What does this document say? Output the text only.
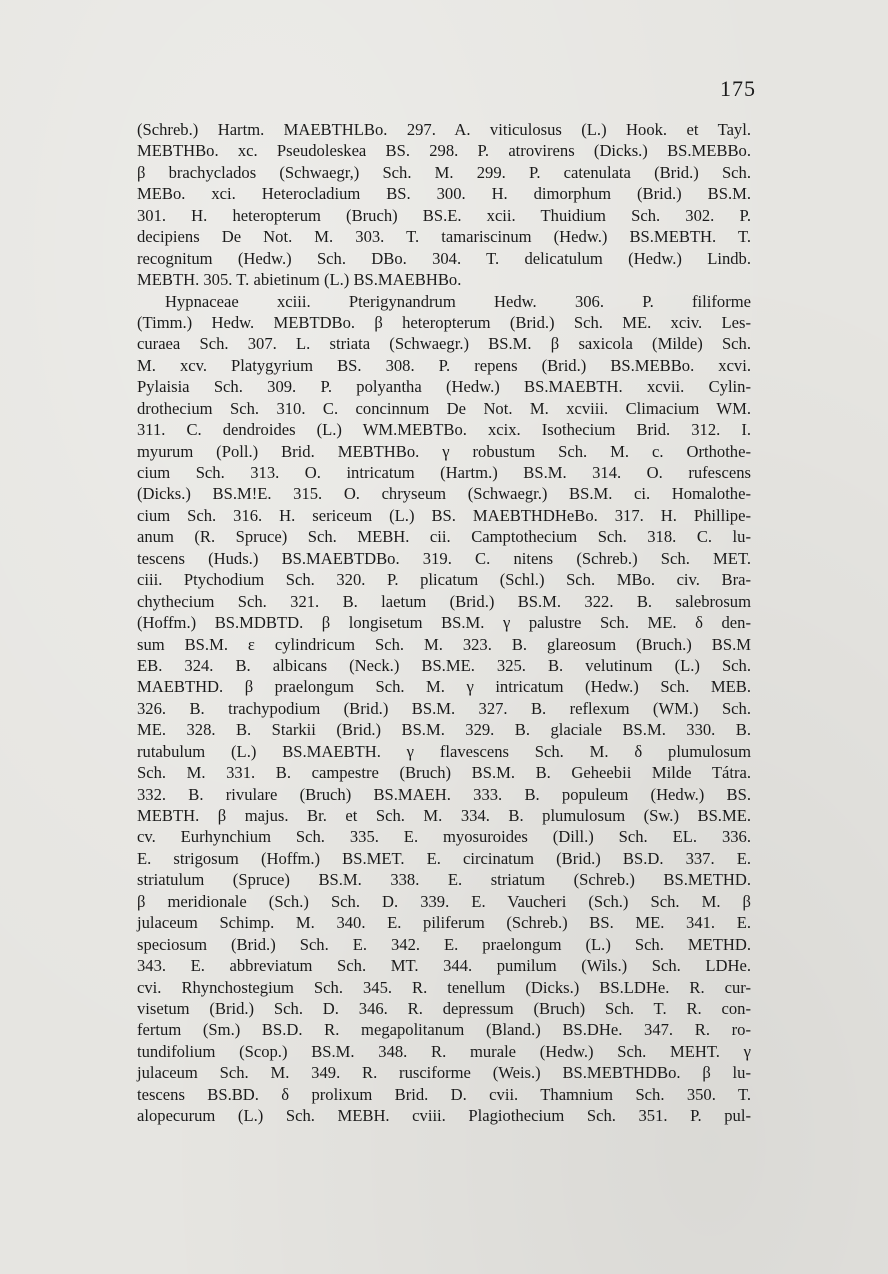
175
(Schreb.) Hartm. MAEBTHLBo. 297. A. viticulosus (L.) Hook. et Tayl.
MEBTHBo. xc. Pseudoleskea BS. 298. P. atrovirens (Dicks.) BS.MEBBo.
β brachyclados (Schwaegr,) Sch. M. 299. P. catenulata (Brid.) Sch.
MEBo. xci. Heterocladium BS. 300. H. dimorphum (Brid.) BS.M.
301. H. heteropterum (Bruch) BS.E. xcii. Thuidium Sch. 302. P.
decipiens De Not. M. 303. T. tamariscinum (Hedw.) BS.MEBTH. T.
recognitum (Hedw.) Sch. DBo. 304. T. delicatulum (Hedw.) Lindb.
MEBTH. 305. T. abietinum (L.) BS.MAEBHBo.
Hypnaceae xciii. Pterigynandrum Hedw. 306. P. filiforme
(Timm.) Hedw. MEBTDBo. β heteropterum (Brid.) Sch. ME. xciv. Les-
curaea Sch. 307. L. striata (Schwaegr.) BS.M. β saxicola (Milde) Sch.
M. xcv. Platygyrium BS. 308. P. repens (Brid.) BS.MEBBo. xcvi.
Pylaisia Sch. 309. P. polyantha (Hedw.) BS.MAEBTH. xcvii. Cylin-
drothecium Sch. 310. C. concinnum De Not. M. xcviii. Climacium WM.
311. C. dendroides (L.) WM.MEBTBo. xcix. Isothecium Brid. 312. I.
myurum (Poll.) Brid. MEBTHBo. γ robustum Sch. M. c. Orthothe-
cium Sch. 313. O. intricatum (Hartm.) BS.M. 314. O. rufescens
(Dicks.) BS.M!E. 315. O. chryseum (Schwaegr.) BS.M. ci. Homalothe-
cium Sch. 316. H. sericeum (L.) BS. MAEBTHDHeBo. 317. H. Phillipe-
anum (R. Spruce) Sch. MEBH. cii. Camptothecium Sch. 318. C. lu-
tescens (Huds.) BS.MAEBTDBo. 319. C. nitens (Schreb.) Sch. MET.
ciii. Ptychodium Sch. 320. P. plicatum (Schl.) Sch. MBo. civ. Bra-
chythecium Sch. 321. B. laetum (Brid.) BS.M. 322. B. salebrosum
(Hoffm.) BS.MDBTD. β longisetum BS.M. γ palustre Sch. ME. δ den-
sum BS.M. ε cylindricum Sch. M. 323. B. glareosum (Bruch.) BS.M
EB. 324. B. albicans (Neck.) BS.ME. 325. B. velutinum (L.) Sch.
MAEBTHD. β praelongum Sch. M. γ intricatum (Hedw.) Sch. MEB.
326. B. trachypodium (Brid.) BS.M. 327. B. reflexum (WM.) Sch.
ME. 328. B. Starkii (Brid.) BS.M. 329. B. glaciale BS.M. 330. B.
rutabulum (L.) BS.MAEBTH. γ flavescens Sch. M. δ plumulosum
Sch. M. 331. B. campestre (Bruch) BS.M. B. Geheebii Milde Tátra.
332. B. rivulare (Bruch) BS.MAEH. 333. B. populeum (Hedw.) BS.
MEBTH. β majus. Br. et Sch. M. 334. B. plumulosum (Sw.) BS.ME.
cv. Eurhynchium Sch. 335. E. myosuroides (Dill.) Sch. EL. 336.
E. strigosum (Hoffm.) BS.MET. E. circinatum (Brid.) BS.D. 337. E.
striatulum (Spruce) BS.M. 338. E. striatum (Schreb.) BS.METHD.
β meridionale (Sch.) Sch. D. 339. E. Vaucheri (Sch.) Sch. M. β
julaceum Schimp. M. 340. E. piliferum (Schreb.) BS. ME. 341. E.
speciosum (Brid.) Sch. E. 342. E. praelongum (L.) Sch. METHD.
343. E. abbreviatum Sch. MT. 344. pumilum (Wils.) Sch. LDHe.
cvi. Rhynchostegium Sch. 345. R. tenellum (Dicks.) BS.LDHe. R. cur-
visetum (Brid.) Sch. D. 346. R. depressum (Bruch) Sch. T. R. con-
fertum (Sm.) BS.D. R. megapolitanum (Bland.) BS.DHe. 347. R. ro-
tundifolium (Scop.) BS.M. 348. R. murale (Hedw.) Sch. MEHT. γ
julaceum Sch. M. 349. R. rusciforme (Weis.) BS.MEBTHDBo. β lu-
tescens BS.BD. δ prolixum Brid. D. cvii. Thamnium Sch. 350. T.
alopecurum (L.) Sch. MEBH. cviii. Plagiothecium Sch. 351. P. pul-
